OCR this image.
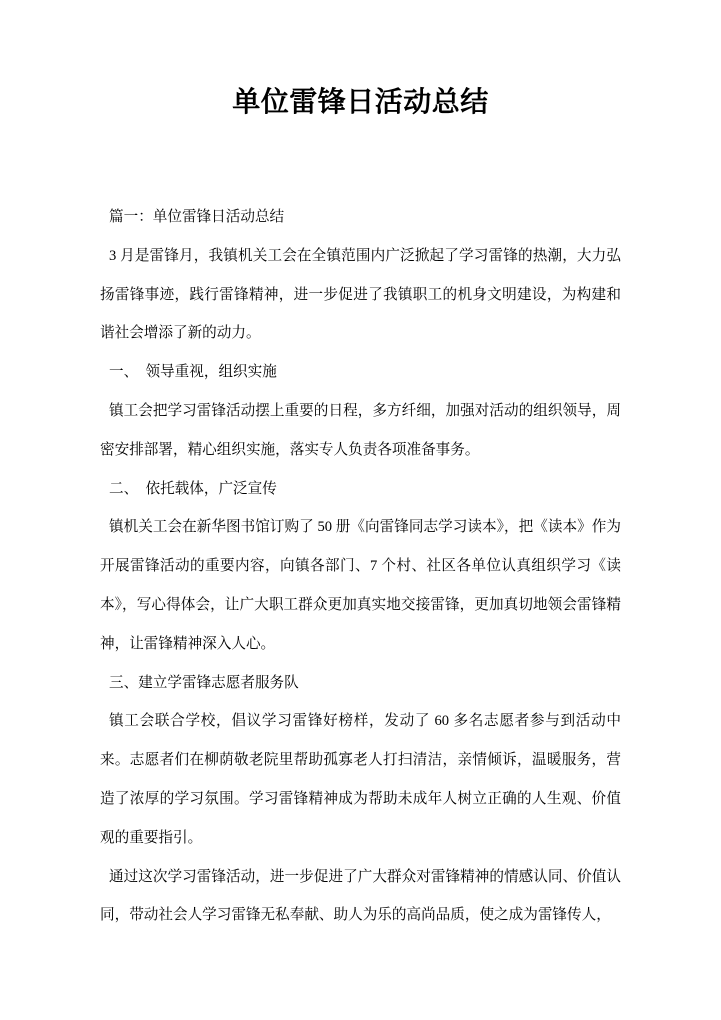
单位雷锋日活动总结

篇一：单位雷锋日活动总结

3 月是雷锋月，我镇机关工会在全镇范围内广泛掀起了学习雷锋的热潮，大力弘扬雷锋事迹，践行雷锋精神，进一步促进了我镇职工的机身文明建设，为构建和谐社会增添了新的动力。

一、　领导重视，组织实施

镇工会把学习雷锋活动摆上重要的日程，多方纤细，加强对活动的组织领导，周密安排部署，精心组织实施，落实专人负责各项准备事务。

二、　依托载体，广泛宣传

镇机关工会在新华图书馆订购了 50 册《向雷锋同志学习读本》，把《读本》作为开展雷锋活动的重要内容，向镇各部门、7 个村、社区各单位认真组织学习《读本》，写心得体会，让广大职工群众更加真实地交接雷锋，更加真切地领会雷锋精神，让雷锋精神深入人心。

三、建立学雷锋志愿者服务队

镇工会联合学校，倡议学习雷锋好榜样，发动了 60 多名志愿者参与到活动中来。志愿者们在柳荫敬老院里帮助孤寡老人打扫清洁，亲情倾诉，温暖服务，营造了浓厚的学习氛围。学习雷锋精神成为帮助未成年人树立正确的人生观、价值观的重要指引。

通过这次学习雷锋活动，进一步促进了广大群众对雷锋精神的情感认同、价值认同，带动社会人学习雷锋无私奉献、助人为乐的高尚品质，使之成为雷锋传人，
